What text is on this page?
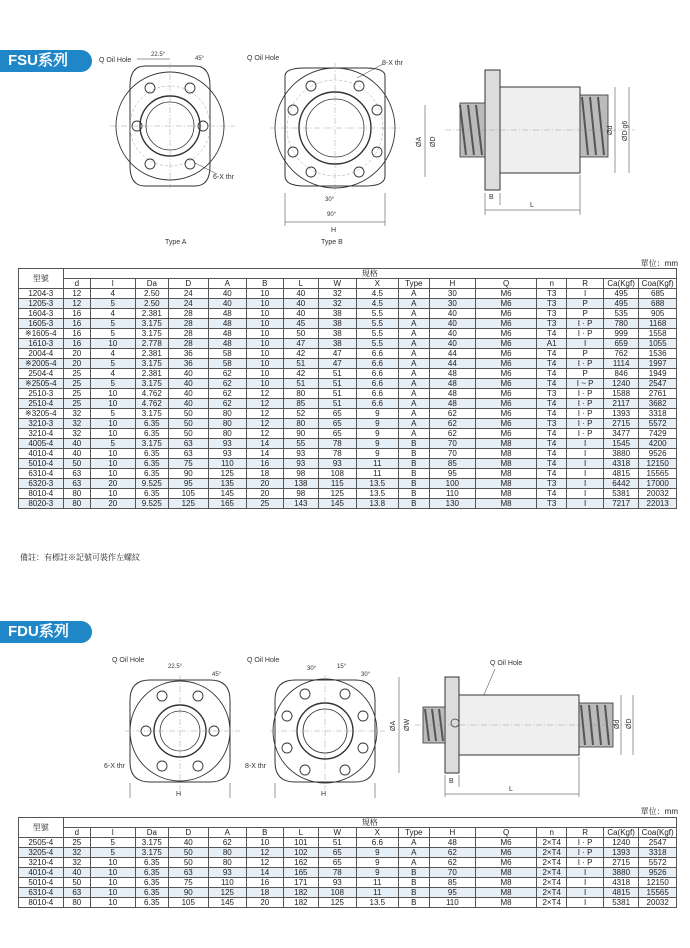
FSU系列	Q Oil Hole
22.5°
45°
6-X thr
Type A
Q Oil Hole
8-X thr
30°
90°
H
Type B
ØA ØD
Ød ØD g6
B
L
單位：mm
型號	規格															
	d	l	Da	D	A	B	L	W	X	Type	H	Q	n	R	Ca(Kgf)	Coa(Kgf)
1204-3	12	4	2.50	24	40	10	40	32	4.5	A	30	M6	T3	I	495	685
1205-3	12	5	2.50	24	40	10	40	32	4.5	A	30	M6	T3	P	495	688
1604-3	16	4	2.381	28	48	10	40	38	5.5	A	40	M6	T3	P	535	905
1605-3	16	5	3.175	28	48	10	45	38	5.5	A	40	M6	T3	I · P	780	1168
※1605-4	16	5	3.175	28	48	10	50	38	5.5	A	40	M6	T4	I · P	999	1558
1610-3	16	10	2.778	28	48	10	47	38	5.5	A	40	M6	A1	I	659	1055
2004-4	20	4	2.381	36	58	10	42	47	6.6	A	44	M6	T4	P	762	1536
※2005-4	20	5	3.175	36	58	10	51	47	6.6	A	44	M6	T4	I · P	1114	1997
2504-4	25	4	2.381	40	62	10	42	51	6.6	A	48	M6	T4	P	846	1949
※2505-4	25	5	3.175	40	62	10	51	51	6.6	A	48	M6	T4	I ~ P	1240	2547
2510-3	25	10	4.762	40	62	12	80	51	6.6	A	48	M6	T3	I · P	1588	2761
2510-4	25	10	4.762	40	62	12	85	51	6.6	A	48	M6	T4	I · P	2117	3682
※3205-4	32	5	3.175	50	80	12	52	65	9	A	62	M6	T4	I · P	1393	3318
3210-3	32	10	6.35	50	80	12	80	65	9	A	62	M6	T3	I · P	2715	5572
3210-4	32	10	6.35	50	80	12	90	65	9	A	62	M6	T4	I · P	3477	7429
4005-4	40	5	3.175	63	93	14	55	78	9	B	70	M8	T4	I	1545	4200
4010-4	40	10	6.35	63	93	14	93	78	9	B	70	M8	T4	I	3880	9526
5010-4	50	10	6.35	75	110	16	93	93	11	B	85	M8	T4	I	4318	12150
6310-4	63	10	6.35	90	125	18	98	108	11	B	95	M8	T4	I	4815	15565
6320-3	63	20	9.525	95	135	20	138	115	13.5	B	100	M8	T3	I	6442	17000
8010-4	80	10	6.35	105	145	20	98	125	13.5	B	110	M8	T4	I	5381	20032
8020-3	80	20	9.525	125	165	25	143	145	13.8	B	130	M8	T3	I	7217	22013
備註：有標註※記號可裝作左螺紋
FDU系列
Q Oil Hole
22.5°
45°
6-X thr
H
Q Oil Hole
30°	15°
30°
8-X thr
H
Q Oil Hole
ØA ØW	Ød ØD
B
L
單位：mm
型號	規格															
	d	l	Da	D	A	B	L	W	X	Type	H	Q	n	R	Ca(Kgf)	Coa(Kgf)
2505-4	25	5	3.175	40	62	10	101	51	6.6	A	48	M6	2×T4	I · P	1240	2547
3205-4	32	5	3.175	50	80	12	102	65	9	A	62	M6	2×T4	I · P	1393	3318
3210-4	32	10	6.35	50	80	12	162	65	9	A	62	M6	2×T4	I · P	2715	5572
4010-4	40	10	6.35	63	93	14	165	78	9	B	70	M8	2×T4	I	3880	9526
5010-4	50	10	6.35	75	110	16	171	93	11	B	85	M8	2×T4	I	4318	12150
6310-4	63	10	6.35	90	125	18	182	108	11	B	95	M8	2×T4	I	4815	15565
8010-4	80	10	6.35	105	145	20	182	125	13.5	B	110	M8	2×T4	I	5381	20032
